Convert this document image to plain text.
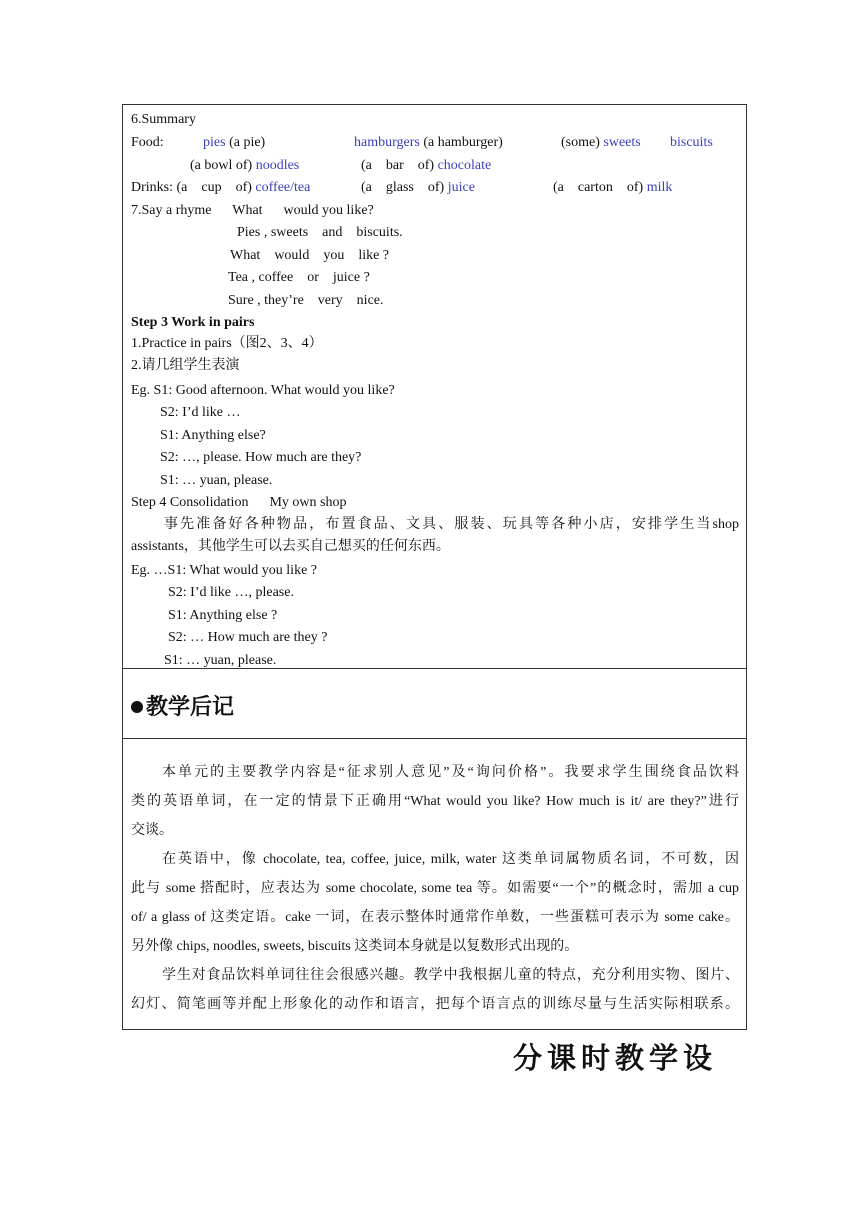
6.Summary
Food:	pies (a pie)	hamburgers (a hamburger)	(some) sweets biscuits
(a bowl of) noodles	(a    bar    of) chocolate
Drinks: (a    cup    of) coffee/tea	(a    glass    of) juice	(a    carton    of) milk
7.Say a rhyme      What      would you like?
Pies , sweets    and    biscuits.
What    would    you    like ?
Tea , coffee    or    juice ?
Sure , they’re    very    nice.
Step 3 Work in pairs
1.Practice in pairs（图2、3、4）
2.请几组学生表演
Eg. S1: Good afternoon. What would you like?
S2: I’d like …
S1: Anything else?
S2: …, please. How much are they?
S1: … yuan, please.
Step 4 Consolidation      My own shop
事先准备好各种物品，布置食品、文具、服装、玩具等各种小店，安排学生当shop
assistants，其他学生可以去买自己想买的任何东西。
Eg. …S1: What would you like ?
S2: I’d like …, please.
S1: Anything else ?
S2: … How much are they ?
S1: … yuan, please.
教学后记
本单元的主要教学内容是“征求别人意见”及“询问价格”。我要求学生围绕食品饮料
类的英语单词，在一定的情景下正确用“What would you like? How much is it/ are they?”进行
交谈。
在英语中，像 chocolate, tea, coffee, juice, milk, water 这类单词属物质名词，不可数，因
此与 some 搭配时，应表达为 some chocolate, some tea 等。如需要“一个”的概念时，需加 a cup
of/ a glass of 这类定语。cake 一词，在表示整体时通常作单数，一些蛋糕可表示为 some cake。
另外像 chips, noodles, sweets, biscuits 这类词本身就是以复数形式出现的。
学生对食品饮料单词往往会很感兴趣。教学中我根据儿童的特点，充分利用实物、图片、
幻灯、简笔画等并配上形象化的动作和语言，把每个语言点的训练尽量与生活实际相联系。
分课时教学设
